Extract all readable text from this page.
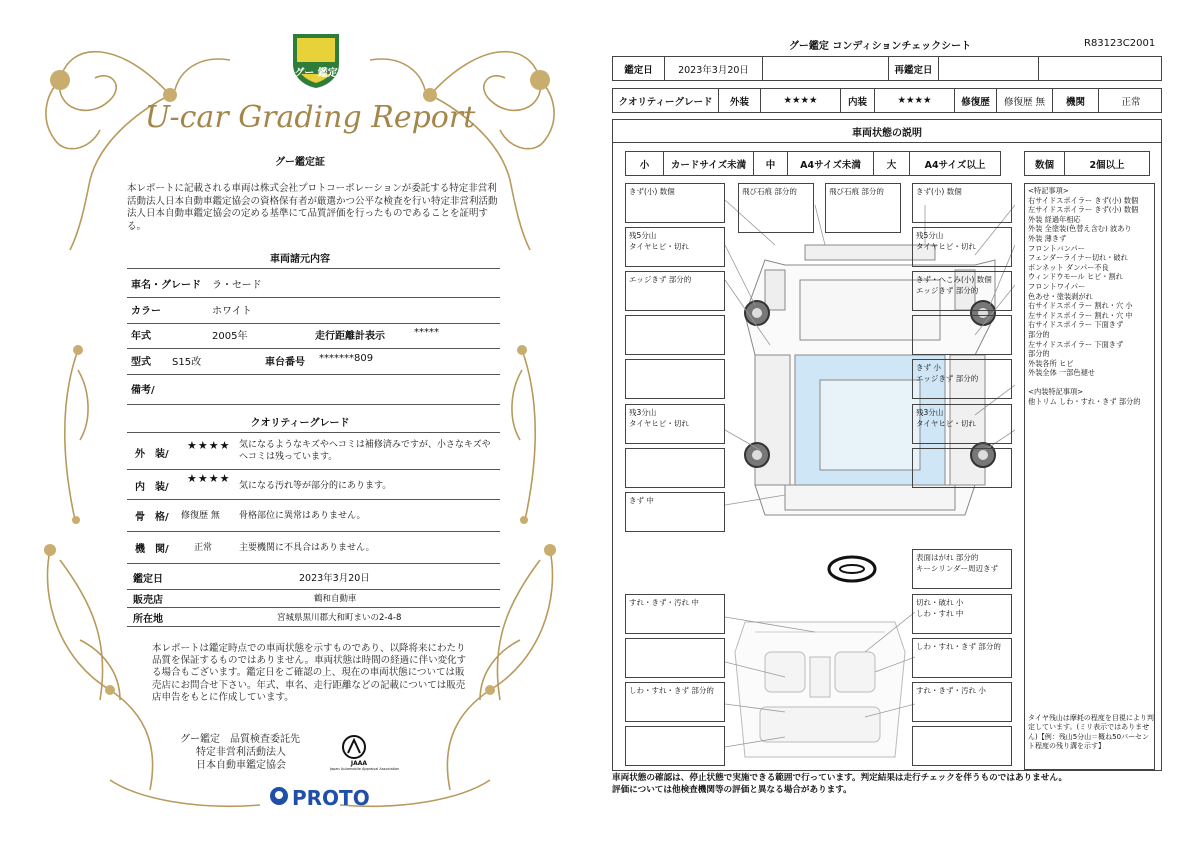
グー 鑑定
U-car Grading Report
グー鑑定証
本レポートに記載される車両は株式会社プロトコーポレーションが委託する特定非営利活動法人日本自動車鑑定協会の資格保有者が厳選かつ公平な検査を行い特定非営利活動法人日本自動車鑑定協会の定める基準にて品質評価を行ったものであることを証明する。
車両諸元内容
車名・グレード ラ・セード
カラー	ホワイト
年式	2005年	走行距離計表示	*****
型式 S15改	車台番号 *******809
備考/
クオリティーグレード
外　装/
★★★★ 気になるようなキズやヘコミは補修済みですが、小さなキズやヘコミは残っています。
内　装/
★★★★
気になる汚れ等が部分的にあります。
骨　格/ 修復歴 無 骨格部位に異常はありません。
機　関/	正常	主要機関に不具合はありません。
鑑定日	2023年3月20日
販売店	鶴和自動車
所在地	宮城県黒川郡大和町まいの2-4-8
本レポートは鑑定時点での車両状態を示すものであり、以降将来にわたり品質を保証するものではありません。車両状態は時間の経過に伴い変化する場合もございます。鑑定日をご確認の上、現在の車両状態については販売店にお問合せ下さい。年式、車名、走行距離などの記載については販売店申告をもとに作成しています。
グー鑑定　品質検査委託先
特定非営利活動法人
日本自動車鑑定協会	JAAA
Japan Automobile Appraisal Association
PROTO
グー鑑定 コンディションチェックシート	R83123C2001
鑑定日	2023年3月20日	再鑑定日
クオリティーグレード	外装	★★★★	内装	★★★★	修復歴	修復歴 無	機関	正常
車両状態の説明
小	カードサイズ未満	中	A4サイズ未満	大	A4サイズ以上	数個	2個以上
きず(小) 数個
残5分山
タイヤヒビ・切れ
エッジきず 部分的
残3分山
タイヤヒビ・切れ
きず 中
飛び石痕 部分的	飛び石痕 部分的	きず(小) 数個
残5分山
タイヤヒビ・切れ
きず・へこみ(小) 数個
エッジきず 部分的
きず 小
エッジきず 部分的
残3分山
タイヤヒビ・切れ
表面はがれ 部分的
キーシリンダー周辺きず
すれ・きず・汚れ 中
しわ・すれ・きず 部分的
切れ・破れ 小
しわ・すれ 中
しわ・すれ・きず 部分的
すれ・きず・汚れ 小
<特記事項>
右サイドスポイラー きず(小) 数個
左サイドスポイラー きず(小) 数個
外装 経過年相応
外装 全塗装(色替え含む) 波あり
外装 薄きず
フロントバンパー
フェンダーライナー切れ・破れ
ボンネット ダンパー不良
ウィンドウモール ヒビ・割れ
フロントワイパー
色あせ・塗装剥がれ
右サイドスポイラー 割れ・穴 小
左サイドスポイラー 割れ・穴 中
右サイドスポイラー 下面きず
部分的
左サイドスポイラー 下面きず
部分的
外装各所 ヒビ
外装全体 一部色褪せ

<内装特記事項>
他トリム しわ・すれ・きず 部分的
タイヤ残山は摩耗の程度を目視により判定しています。(ミリ表示ではありません)【例：残山5分山＝概ね50パーセント程度の残り溝を示す】
車両状態の確認は、停止状態で実施できる範囲で行っています。判定結果は走行チェックを伴うものではありません。
評価については他検査機関等の評価と異なる場合があります。
